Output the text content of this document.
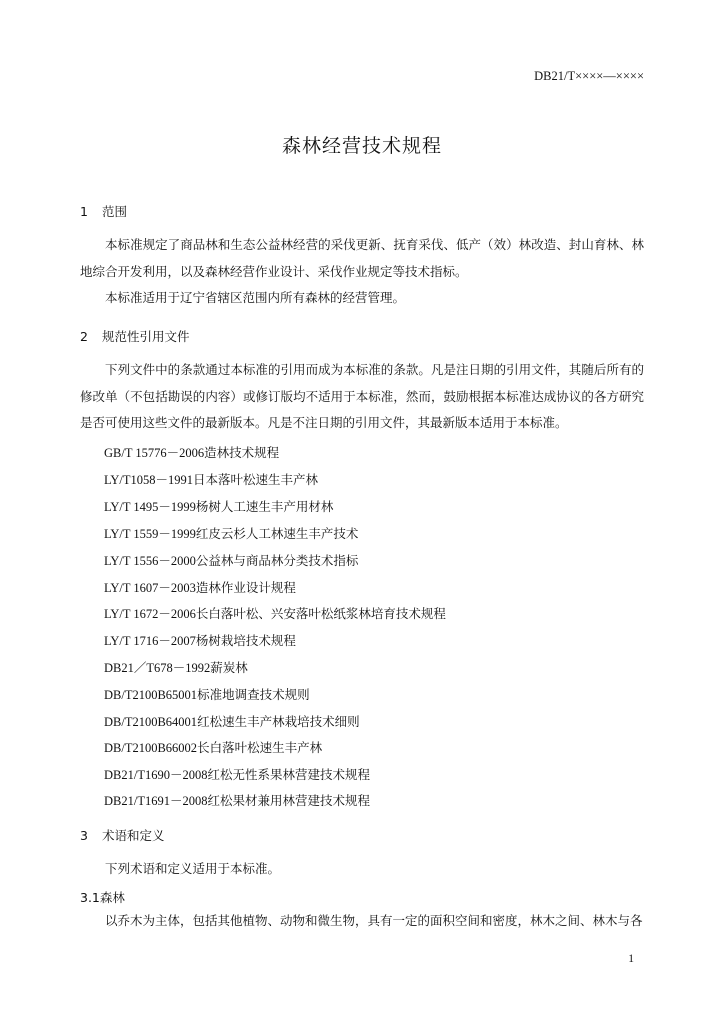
DB21/T××××—××××
森林经营技术规程
1 范围

本标准规定了商品林和生态公益林经营的采伐更新、抚育采伐、低产（效）林改造、封山育林、林地综合开发利用，以及森林经营作业设计、采伐作业规定等技术指标。

本标准适用于辽宁省辖区范围内所有森林的经营管理。

2 规范性引用文件

下列文件中的条款通过本标准的引用而成为本标准的条款。凡是注日期的引用文件，其随后所有的修改单（不包括勘误的内容）或修订版均不适用于本标准，然而，鼓励根据本标准达成协议的各方研究是否可使用这些文件的最新版本。凡是不注日期的引用文件，其最新版本适用于本标准。

GB/T 15776－2006造林技术规程
LY/T1058－1991日本落叶松速生丰产林
LY/T 1495－1999杨树人工速生丰产用材林
LY/T 1559－1999红皮云杉人工林速生丰产技术
LY/T 1556－2000公益林与商品林分类技术指标
LY/T 1607－2003造林作业设计规程
LY/T 1672－2006长白落叶松、兴安落叶松纸浆林培育技术规程
LY/T 1716－2007杨树栽培技术规程
DB21／T678－1992薪炭林
DB/T2100B65001标准地调查技术规则
DB/T2100B64001红松速生丰产林栽培技术细则
DB/T2100B66002长白落叶松速生丰产林
DB21/T1690－2008红松无性系果林营建技术规程
DB21/T1691－2008红松果材兼用林营建技术规程
3 术语和定义

下列术语和定义适用于本标准。

3.1森林

以乔木为主体，包括其他植物、动物和微生物，具有一定的面积空间和密度，林木之间、林木与各

1
